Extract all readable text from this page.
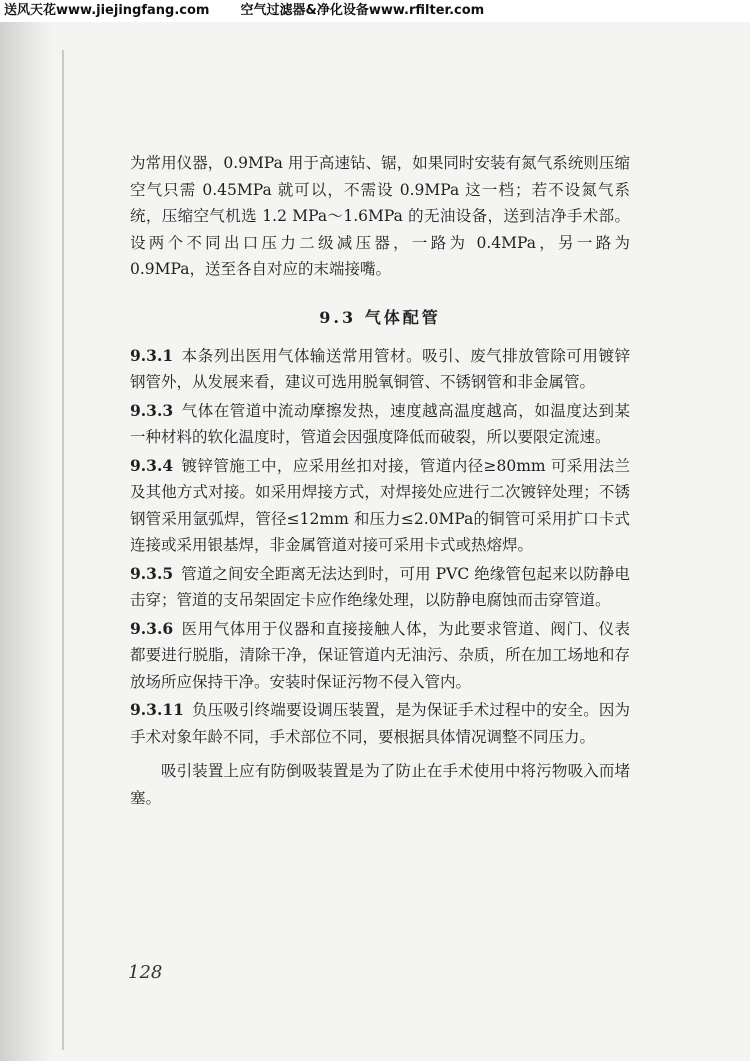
送风天花www.jiejingfang.com 空气过滤器&净化设备www.rfilter.com

为常用仪器，0.9MPa 用于高速钻、锯，如果同时安装有氮气系统则压缩空气只需 0.45MPa 就可以，不需设 0.9MPa 这一档；若不设氮气系统，压缩空气机选 1.2 MPa～1.6MPa 的无油设备，送到洁净手术部。设两个不同出口压力二级减压器，一路为 0.4MPa，另一路为 0.9MPa，送至各自对应的末端接嘴。

9.3 气体配管

9.3.1 本条列出医用气体输送常用管材。吸引、废气排放管除可用镀锌钢管外，从发展来看，建议可选用脱氧铜管、不锈钢管和非金属管。

9.3.3 气体在管道中流动摩擦发热，速度越高温度越高，如温度达到某一种材料的软化温度时，管道会因强度降低而破裂，所以要限定流速。

9.3.4 镀锌管施工中，应采用丝扣对接，管道内径≥80mm 可采用法兰及其他方式对接。如采用焊接方式，对焊接处应进行二次镀锌处理；不锈钢管采用氩弧焊，管径≤12mm 和压力≤2.0MPa的铜管可采用扩口卡式连接或采用银基焊，非金属管道对接可采用卡式或热熔焊。

9.3.5 管道之间安全距离无法达到时，可用 PVC 绝缘管包起来以防静电击穿；管道的支吊架固定卡应作绝缘处理，以防静电腐蚀而击穿管道。

9.3.6 医用气体用于仪器和直接接触人体，为此要求管道、阀门、仪表都要进行脱脂，清除干净，保证管道内无油污、杂质，所在加工场地和存放场所应保持干净。安装时保证污物不侵入管内。

9.3.11 负压吸引终端要设调压装置，是为保证手术过程中的安全。因为手术对象年龄不同，手术部位不同，要根据具体情况调整不同压力。

吸引装置上应有防倒吸装置是为了防止在手术使用中将污物吸入而堵塞。

128
